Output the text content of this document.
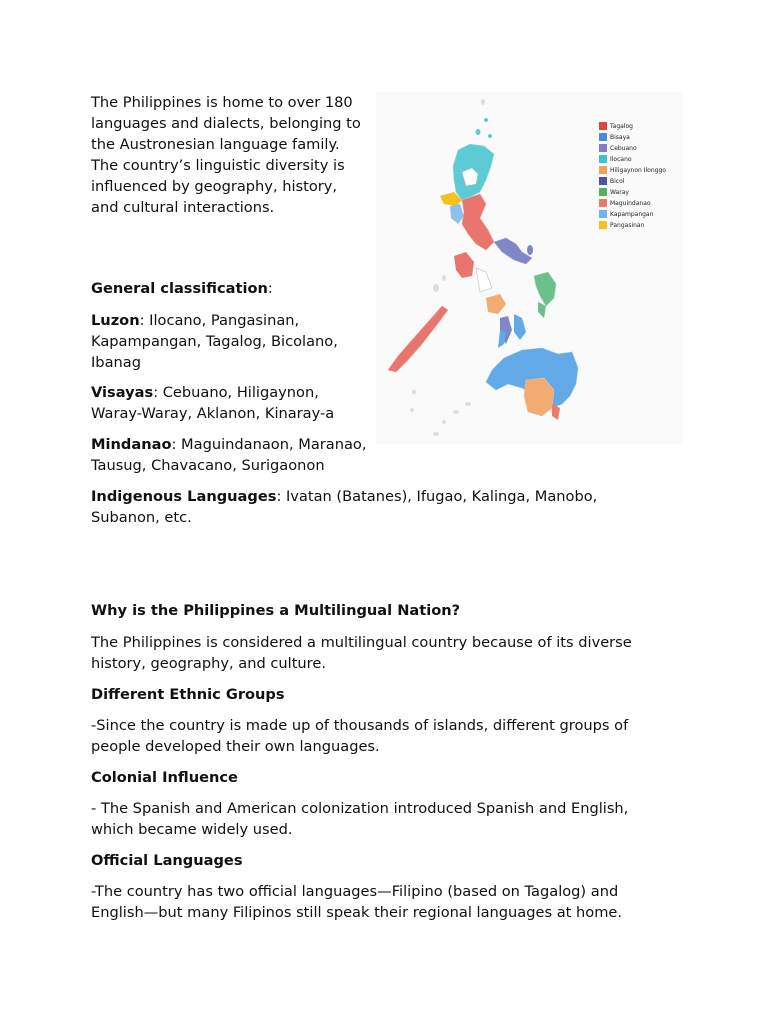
The Philippines is home to over 180 languages and dialects, belonging to the Austronesian language family. The country’s linguistic diversity is influenced by geography, history, and cultural interactions.

Tagalog
Bisaya
Cebuano
Ilocano
Hiligaynon Ilonggo
Bicol
Waray
Maguindanao
Kapampangan
Pangasinan

General classification:

Luzon: Ilocano, Pangasinan, Kapampangan, Tagalog, Bicolano, Ibanag

Visayas: Cebuano, Hiligaynon, Waray-Waray, Aklanon, Kinaray-a

Mindanao: Maguindanaon, Maranao, Tausug, Chavacano, Surigaonon

Indigenous Languages: Ivatan (Batanes), Ifugao, Kalinga, Manobo, Subanon, etc.

Why is the Philippines a Multilingual Nation?

The Philippines is considered a multilingual country because of its diverse history, geography, and culture.

Different Ethnic Groups

-Since the country is made up of thousands of islands, different groups of people developed their own languages.

Colonial Influence

- The Spanish and American colonization introduced Spanish and English, which became widely used.

Official Languages

-The country has two official languages—Filipino (based on Tagalog) and English—but many Filipinos still speak their regional languages at home.
